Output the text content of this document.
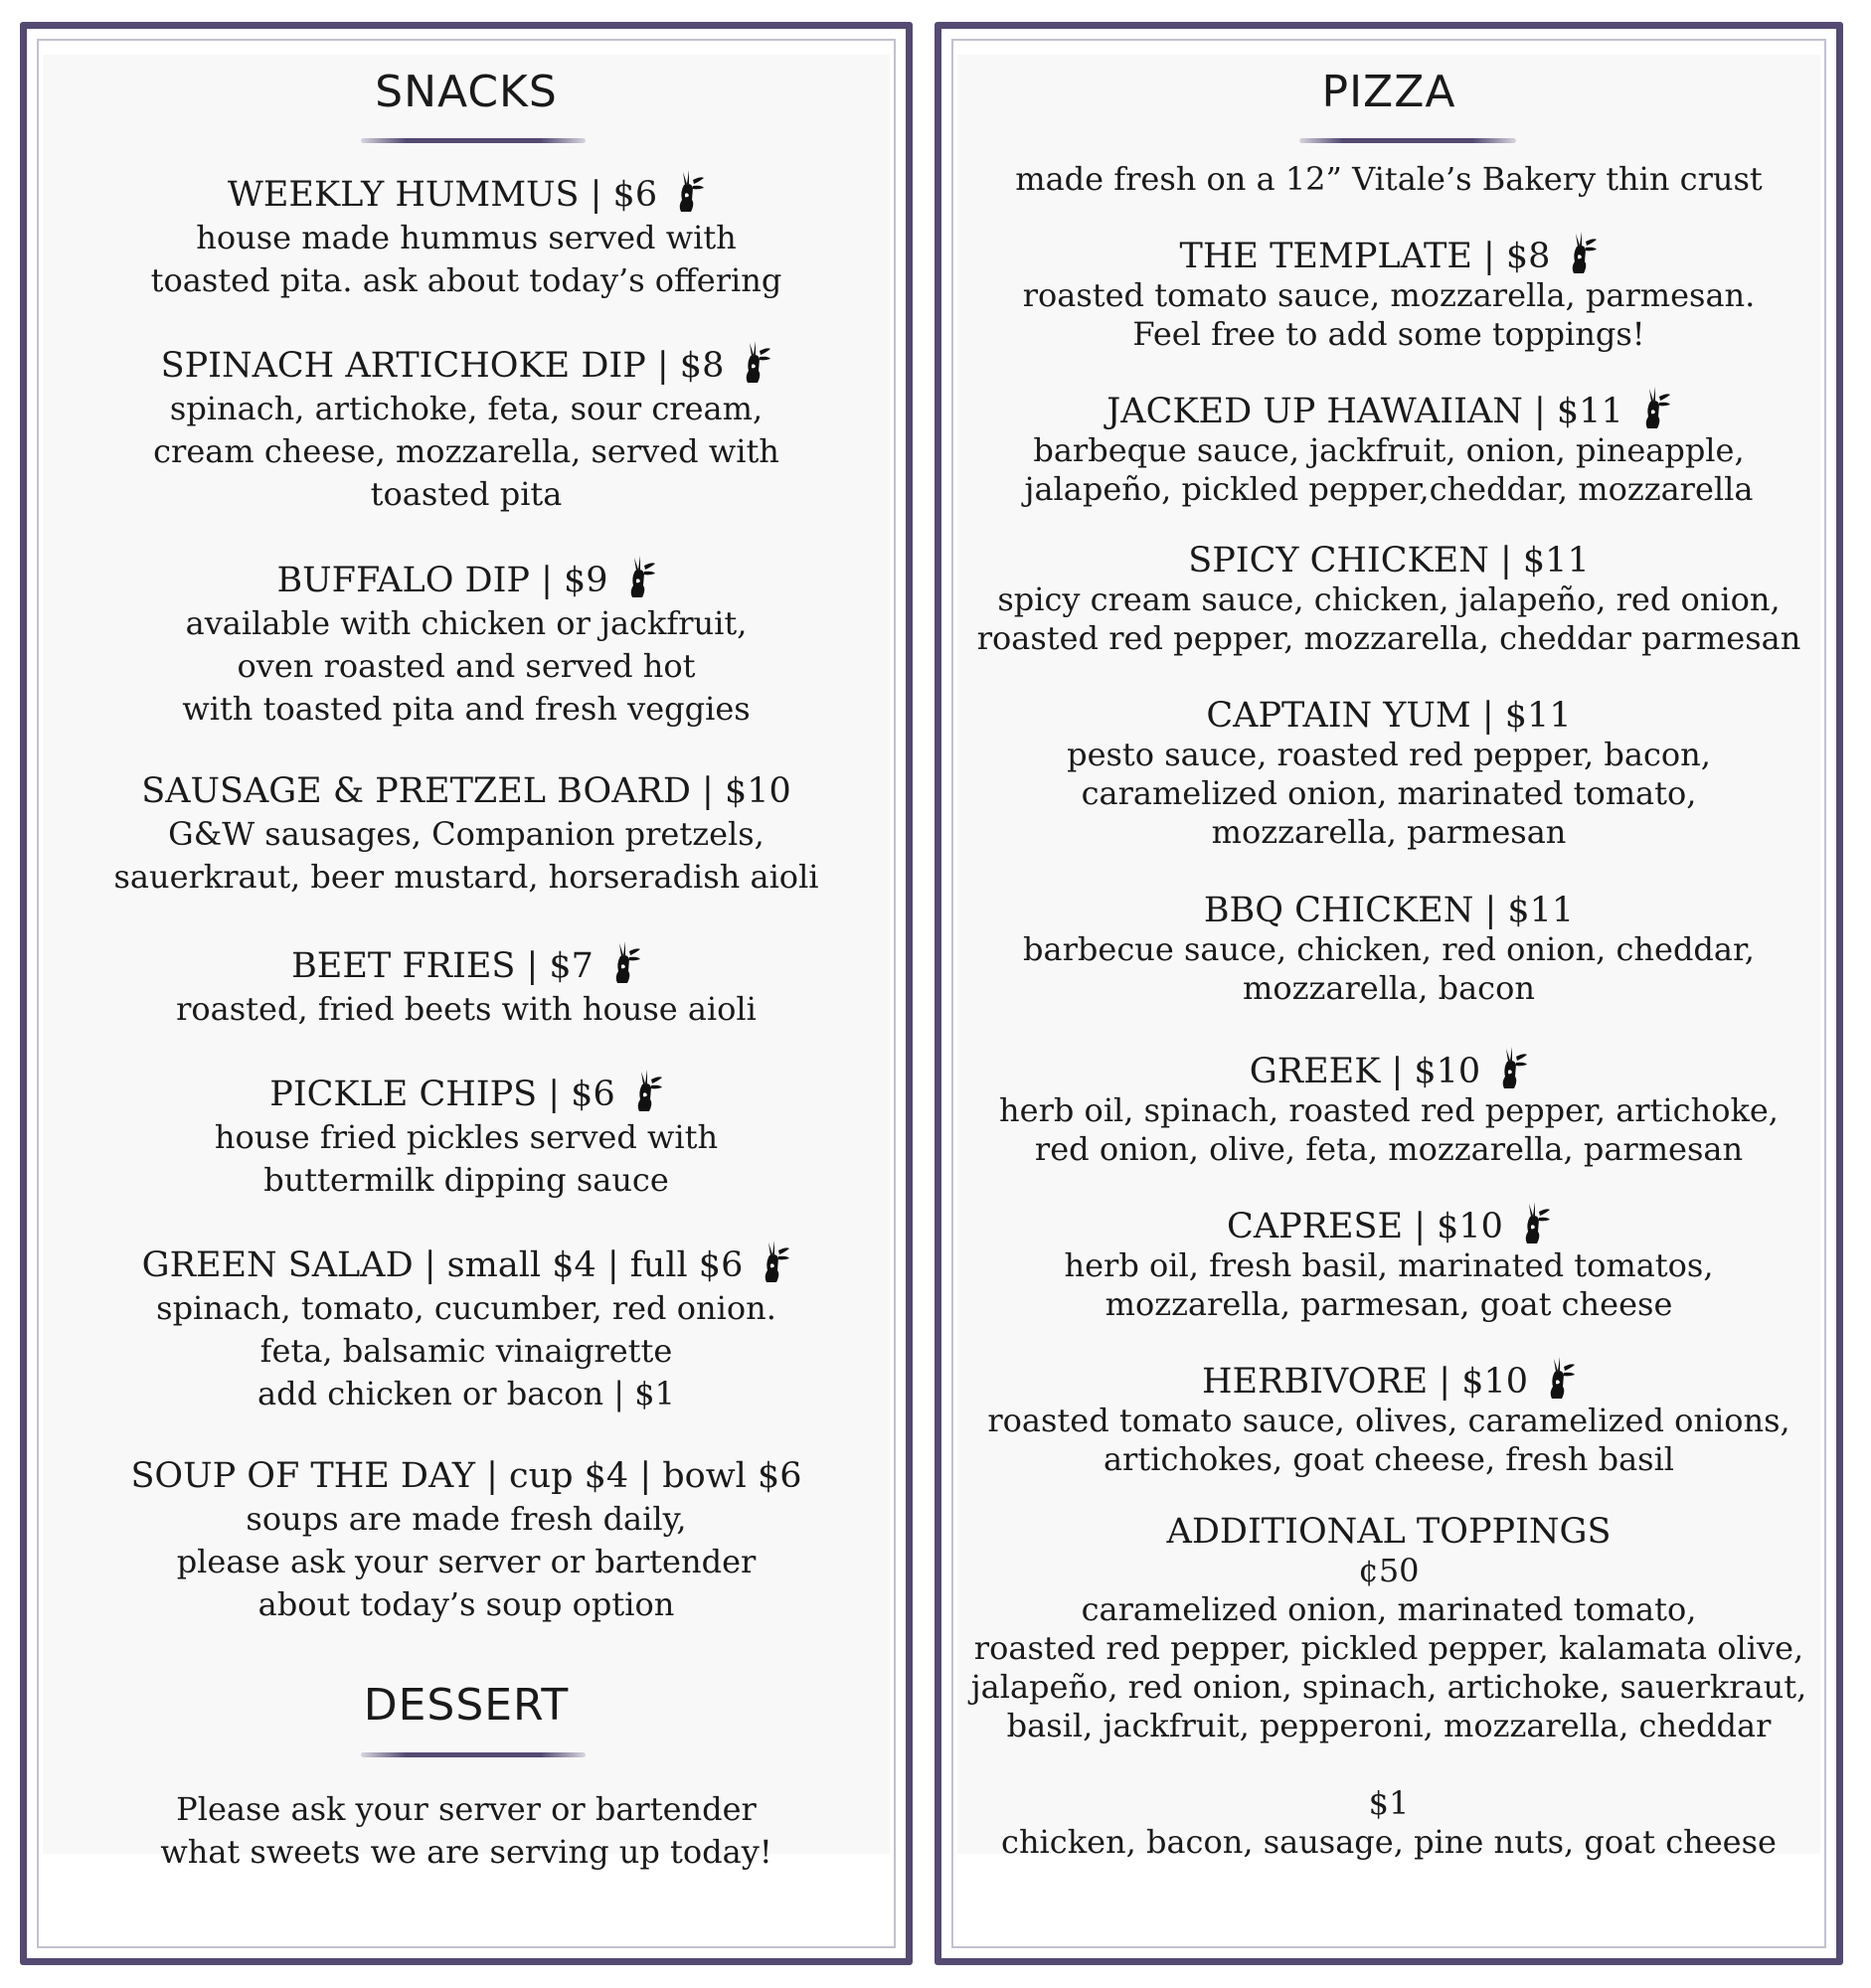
SNACKS
WEEKLY HUMMUS | $6
house made hummus served with
toasted pita. ask about today’s offering
SPINACH ARTICHOKE DIP | $8
spinach, artichoke, feta, sour cream,
cream cheese, mozzarella, served with
toasted pita
BUFFALO DIP | $9
available with chicken or jackfruit,
oven roasted and served hot
with toasted pita and fresh veggies
SAUSAGE & PRETZEL BOARD | $10
G&W sausages, Companion pretzels,
sauerkraut, beer mustard, horseradish aioli
BEET FRIES | $7
roasted, fried beets with house aioli
PICKLE CHIPS | $6
house fried pickles served with
buttermilk dipping sauce
GREEN SALAD | small $4 | full $6
spinach, tomato, cucumber, red onion.
feta, balsamic vinaigrette
add chicken or bacon | $1
SOUP OF THE DAY | cup $4 | bowl $6
soups are made fresh daily,
please ask your server or bartender
about today’s soup option
DESSERT
Please ask your server or bartender
what sweets we are serving up today!
PIZZA
made fresh on a 12” Vitale’s Bakery thin crust
THE TEMPLATE | $8
roasted tomato sauce, mozzarella, parmesan.
Feel free to add some toppings!
JACKED UP HAWAIIAN | $11
barbeque sauce, jackfruit, onion, pineapple,
jalapeño, pickled pepper,cheddar, mozzarella
SPICY CHICKEN | $11
spicy cream sauce, chicken, jalapeño, red onion,
roasted red pepper, mozzarella, cheddar parmesan
CAPTAIN YUM | $11
pesto sauce, roasted red pepper, bacon,
caramelized onion, marinated tomato,
mozzarella, parmesan
BBQ CHICKEN | $11
barbecue sauce, chicken, red onion, cheddar,
mozzarella, bacon
GREEK | $10
herb oil, spinach, roasted red pepper, artichoke,
red onion, olive, feta, mozzarella, parmesan
CAPRESE | $10
herb oil, fresh basil, marinated tomatos,
mozzarella, parmesan, goat cheese
HERBIVORE | $10
roasted tomato sauce, olives, caramelized onions,
artichokes, goat cheese, fresh basil
ADDITIONAL TOPPINGS
¢50
caramelized onion, marinated tomato,
roasted red pepper, pickled pepper, kalamata olive,
jalapeño, red onion, spinach, artichoke, sauerkraut,
basil, jackfruit, pepperoni, mozzarella, cheddar
$1
chicken, bacon, sausage, pine nuts, goat cheese
